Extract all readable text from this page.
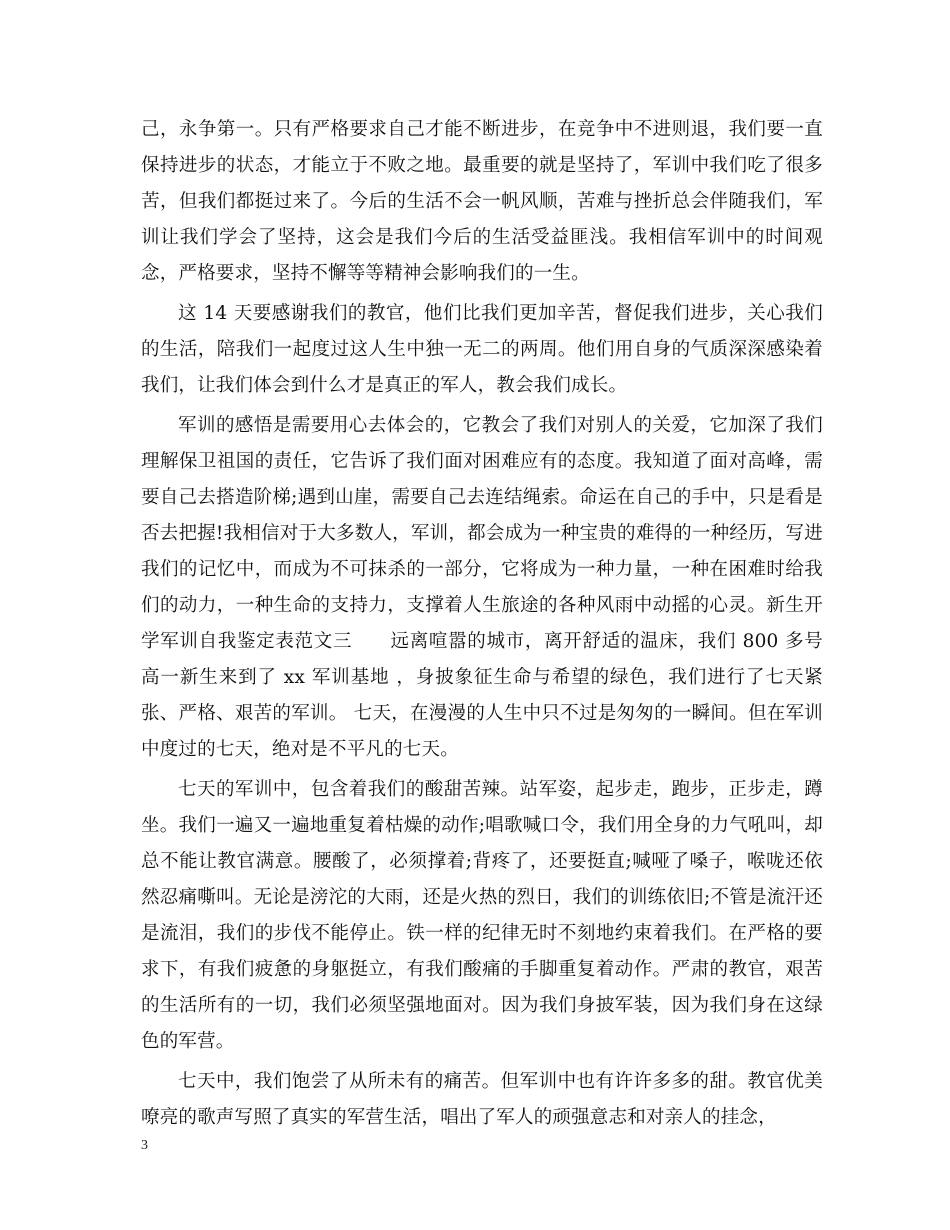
己，永争第一。只有严格要求自己才能不断进步，在竞争中不进则退，我们要一直保持进步的状态，才能立于不败之地。最重要的就是坚持了，军训中我们吃了很多苦，但我们都挺过来了。今后的生活不会一帆风顺，苦难与挫折总会伴随我们，军训让我们学会了坚持，这会是我们今后的生活受益匪浅。我相信军训中的时间观念，严格要求，坚持不懈等等精神会影响我们的一生。

这 14 天要感谢我们的教官，他们比我们更加辛苦，督促我们进步，关心我们的生活，陪我们一起度过这人生中独一无二的两周。他们用自身的气质深深感染着我们，让我们体会到什么才是真正的军人，教会我们成长。

军训的感悟是需要用心去体会的，它教会了我们对别人的关爱，它加深了我们理解保卫祖国的责任，它告诉了我们面对困难应有的态度。我知道了面对高峰，需要自己去搭造阶梯;遇到山崖，需要自己去连结绳索。命运在自己的手中，只是看是否去把握!我相信对于大多数人，军训，都会成为一种宝贵的难得的一种经历，写进我们的记忆中，而成为不可抹杀的一部分，它将成为一种力量，一种在困难时给我们的动力，一种生命的支持力，支撑着人生旅途的各种风雨中动摇的心灵。新生开学军训自我鉴定表范文三　　远离喧嚣的城市，离开舒适的温床，我们 800 多号高一新生来到了 xx 军训基地 ，身披象征生命与希望的绿色，我们进行了七天紧张、严格、艰苦的军训。 七天，在漫漫的人生中只不过是匆匆的一瞬间。但在军训中度过的七天，绝对是不平凡的七天。

七天的军训中，包含着我们的酸甜苦辣。站军姿，起步走，跑步，正步走，蹲坐。我们一遍又一遍地重复着枯燥的动作;唱歌喊口令，我们用全身的力气吼叫，却总不能让教官满意。腰酸了，必须撑着;背疼了，还要挺直;喊哑了嗓子，喉咙还依然忍痛嘶叫。无论是滂沱的大雨，还是火热的烈日，我们的训练依旧;不管是流汗还是流泪，我们的步伐不能停止。铁一样的纪律无时不刻地约束着我们。在严格的要求下，有我们疲惫的身躯挺立，有我们酸痛的手脚重复着动作。严肃的教官，艰苦的生活所有的一切，我们必须坚强地面对。因为我们身披军装，因为我们身在这绿色的军营。

七天中，我们饱尝了从所未有的痛苦。但军训中也有许许多多的甜。教官优美嘹亮的歌声写照了真实的军营生活，唱出了军人的顽强意志和对亲人的挂念，

3
